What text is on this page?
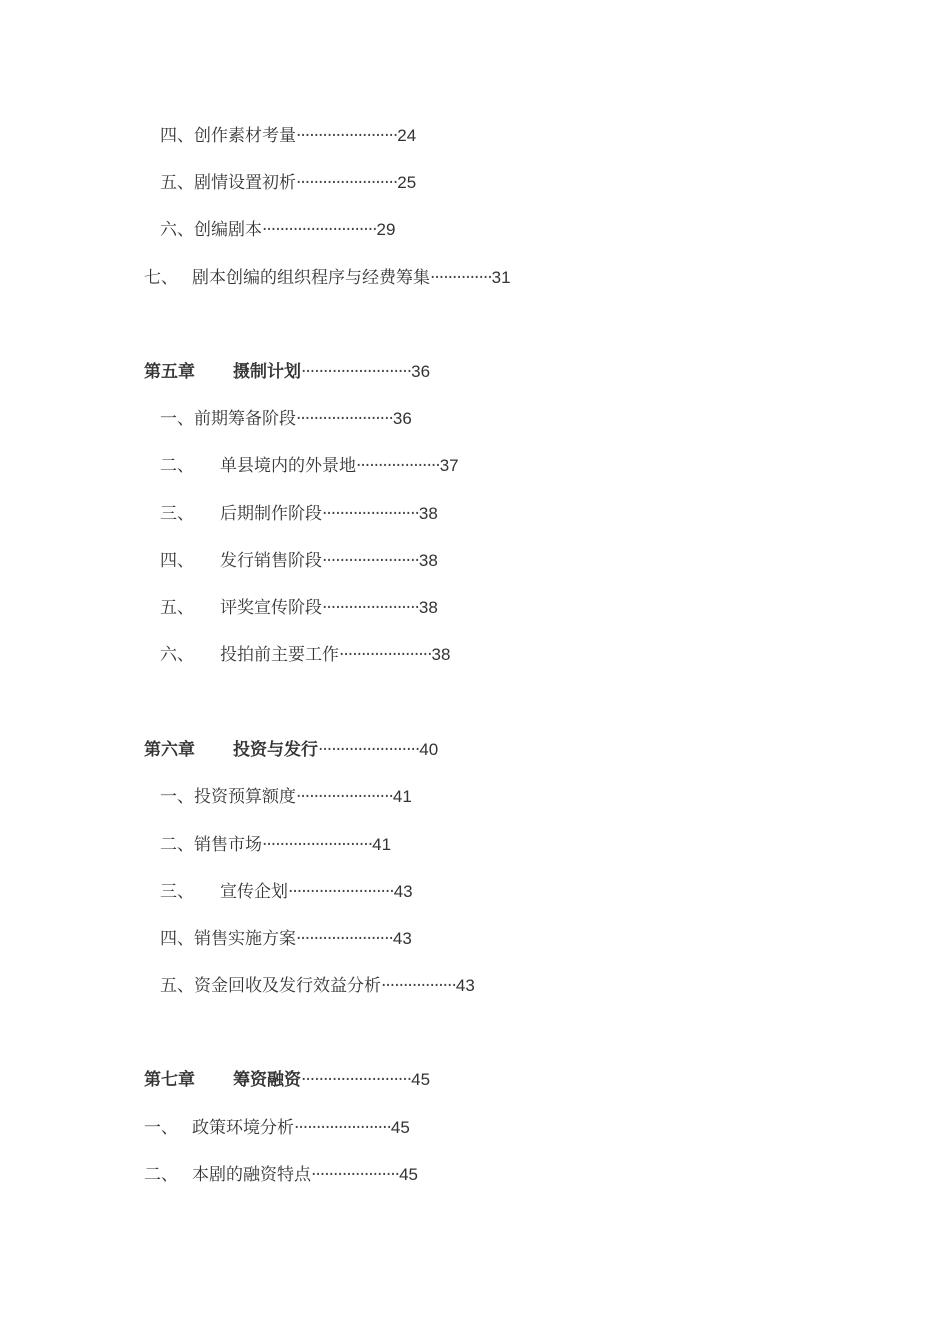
四、创作素材考量·······················24
五、剧情设置初析·······················25
六、创编剧本··························29
七、 剧本创编的组织程序与经费筹集··············31
第五章 摄制计划·························36
一、前期筹备阶段······················36
二、 单县境内的外景地···················37
三、 后期制作阶段······················38
四、 发行销售阶段······················38
五、 评奖宣传阶段······················38
六、 投拍前主要工作·····················38
第六章 投资与发行·······················40
一、投资预算额度······················41
二、销售市场·························41
三、 宣传企划························43
四、销售实施方案······················43
五、资金回收及发行效益分析·················43
第七章 筹资融资·························45
一、 政策环境分析······················45
二、 本剧的融资特点····················45
